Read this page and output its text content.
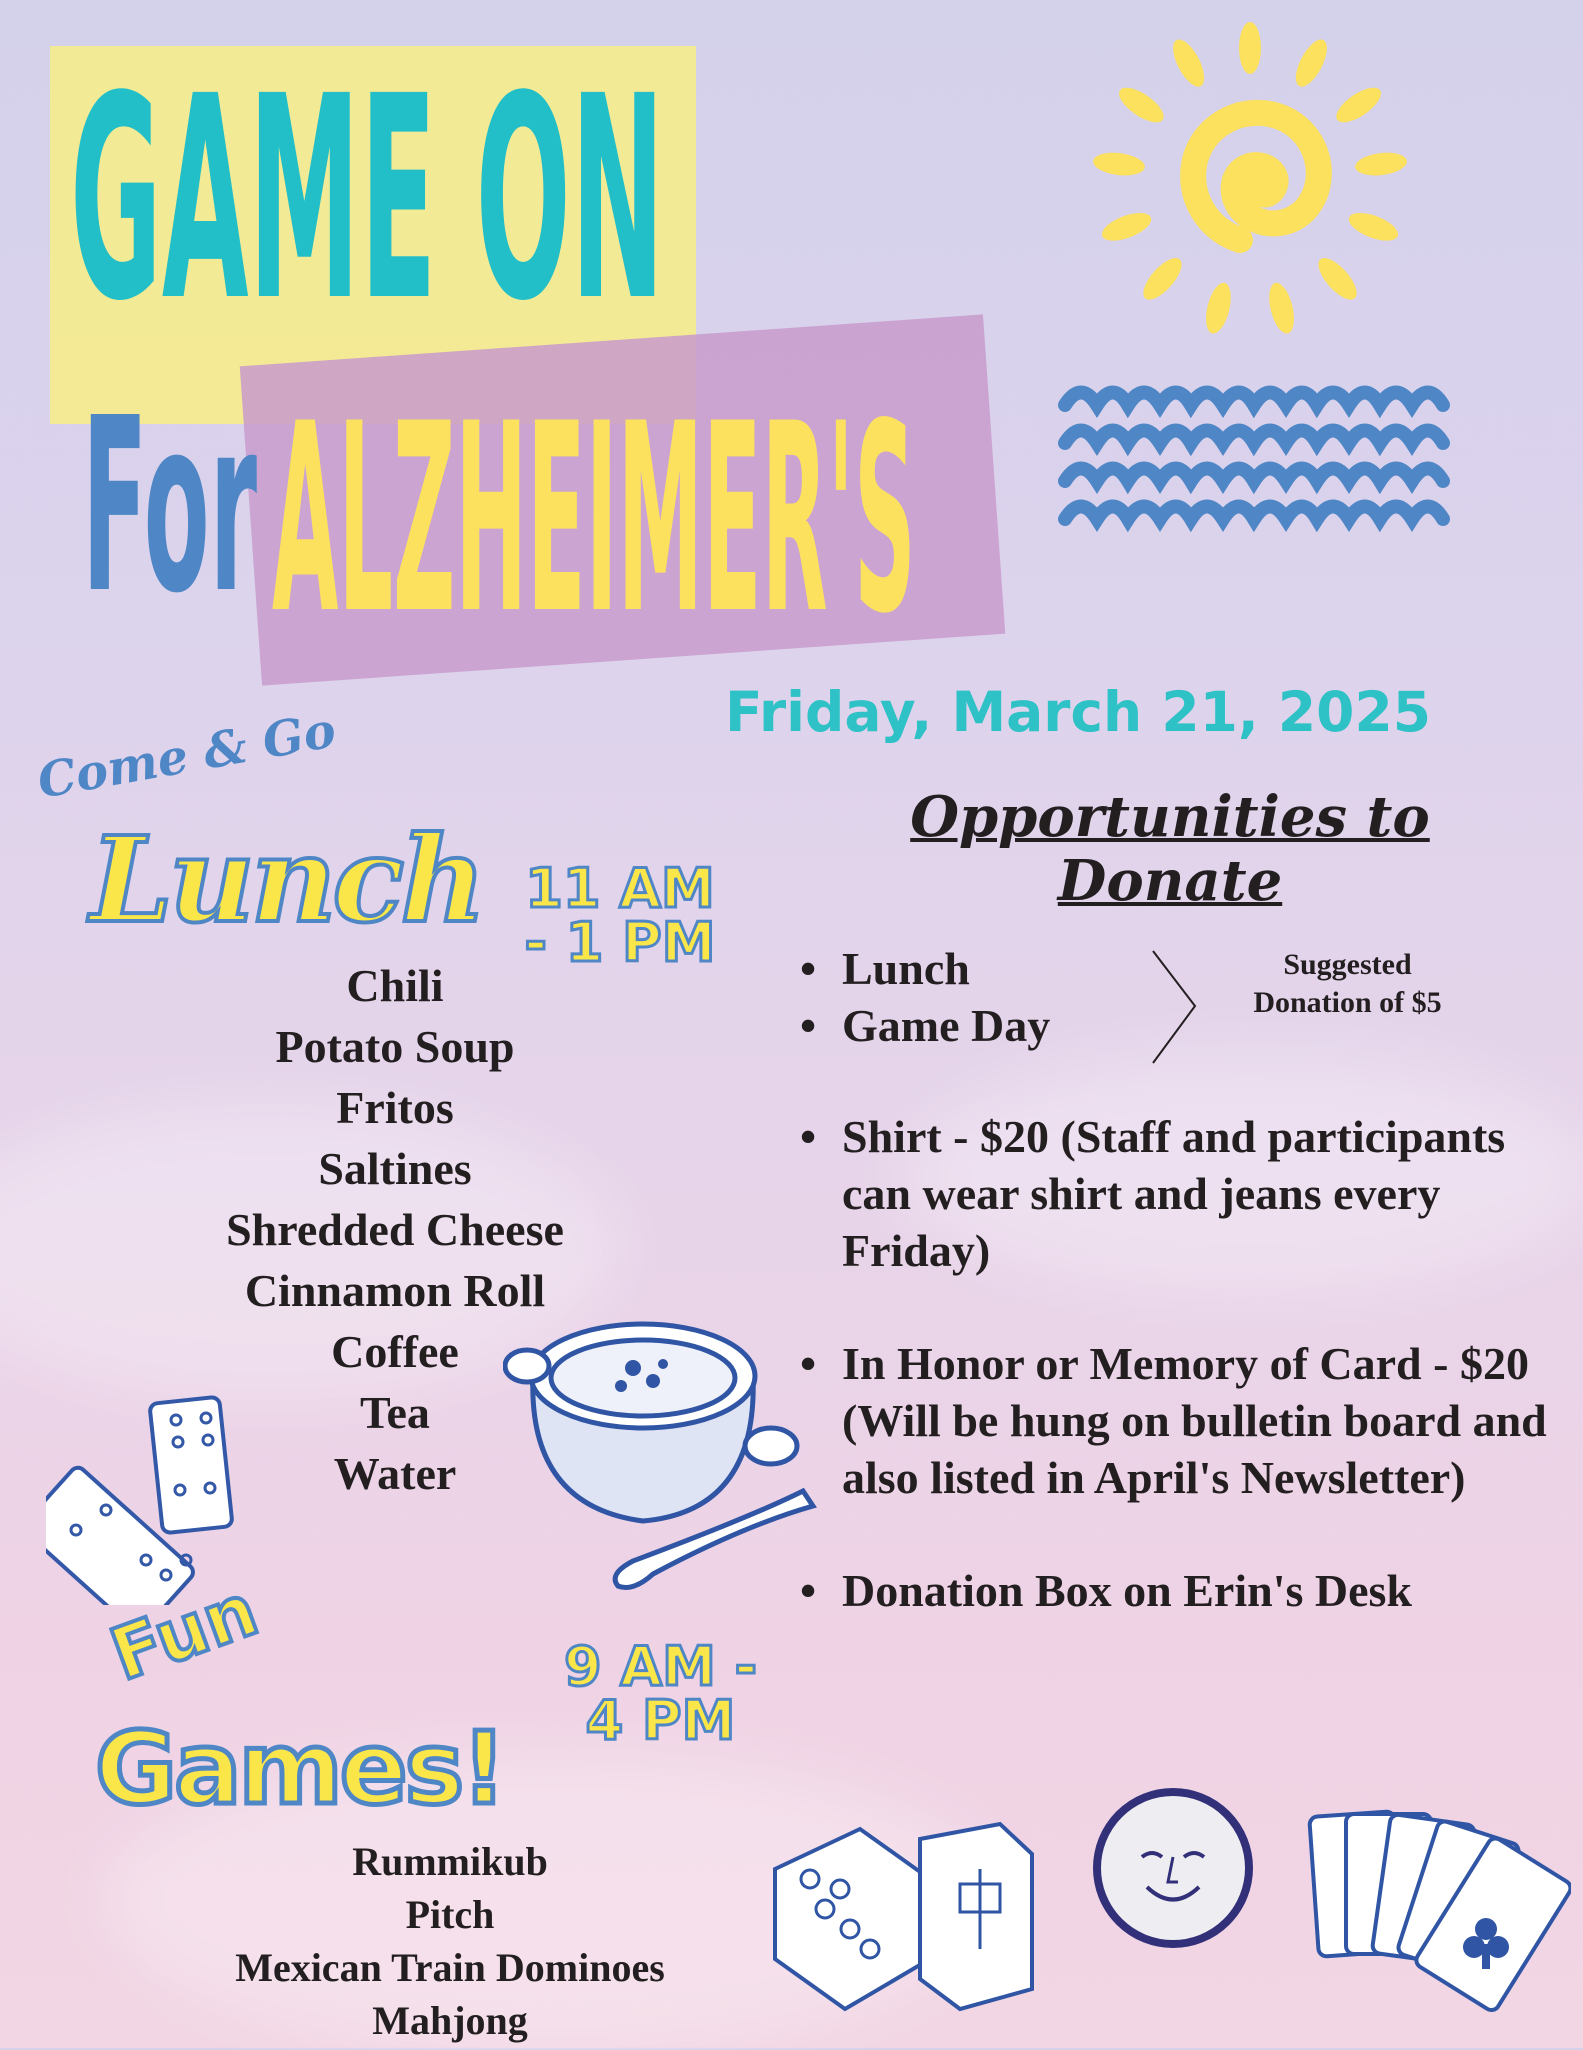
GAME ON
For ALZHEIMER'S
Friday, March 21, 2025
Come & Go
Lunch 11 AM - 1 PM
Chili
Potato Soup
Fritos
Saltines
Shredded Cheese
Cinnamon Roll
Coffee
Tea
Water
Fun
Games!
9 AM - 4 PM
Rummikub
Pitch
Mexican Train Dominoes
Mahjong
Opportunities to Donate
• Lunch
• Game Day
Suggested Donation of $5
• Shirt - $20 (Staff and participants can wear shirt and jeans every Friday)
• In Honor or Memory of Card - $20 (Will be hung on bulletin board and also listed in April's Newsletter)
• Donation Box on Erin's Desk
